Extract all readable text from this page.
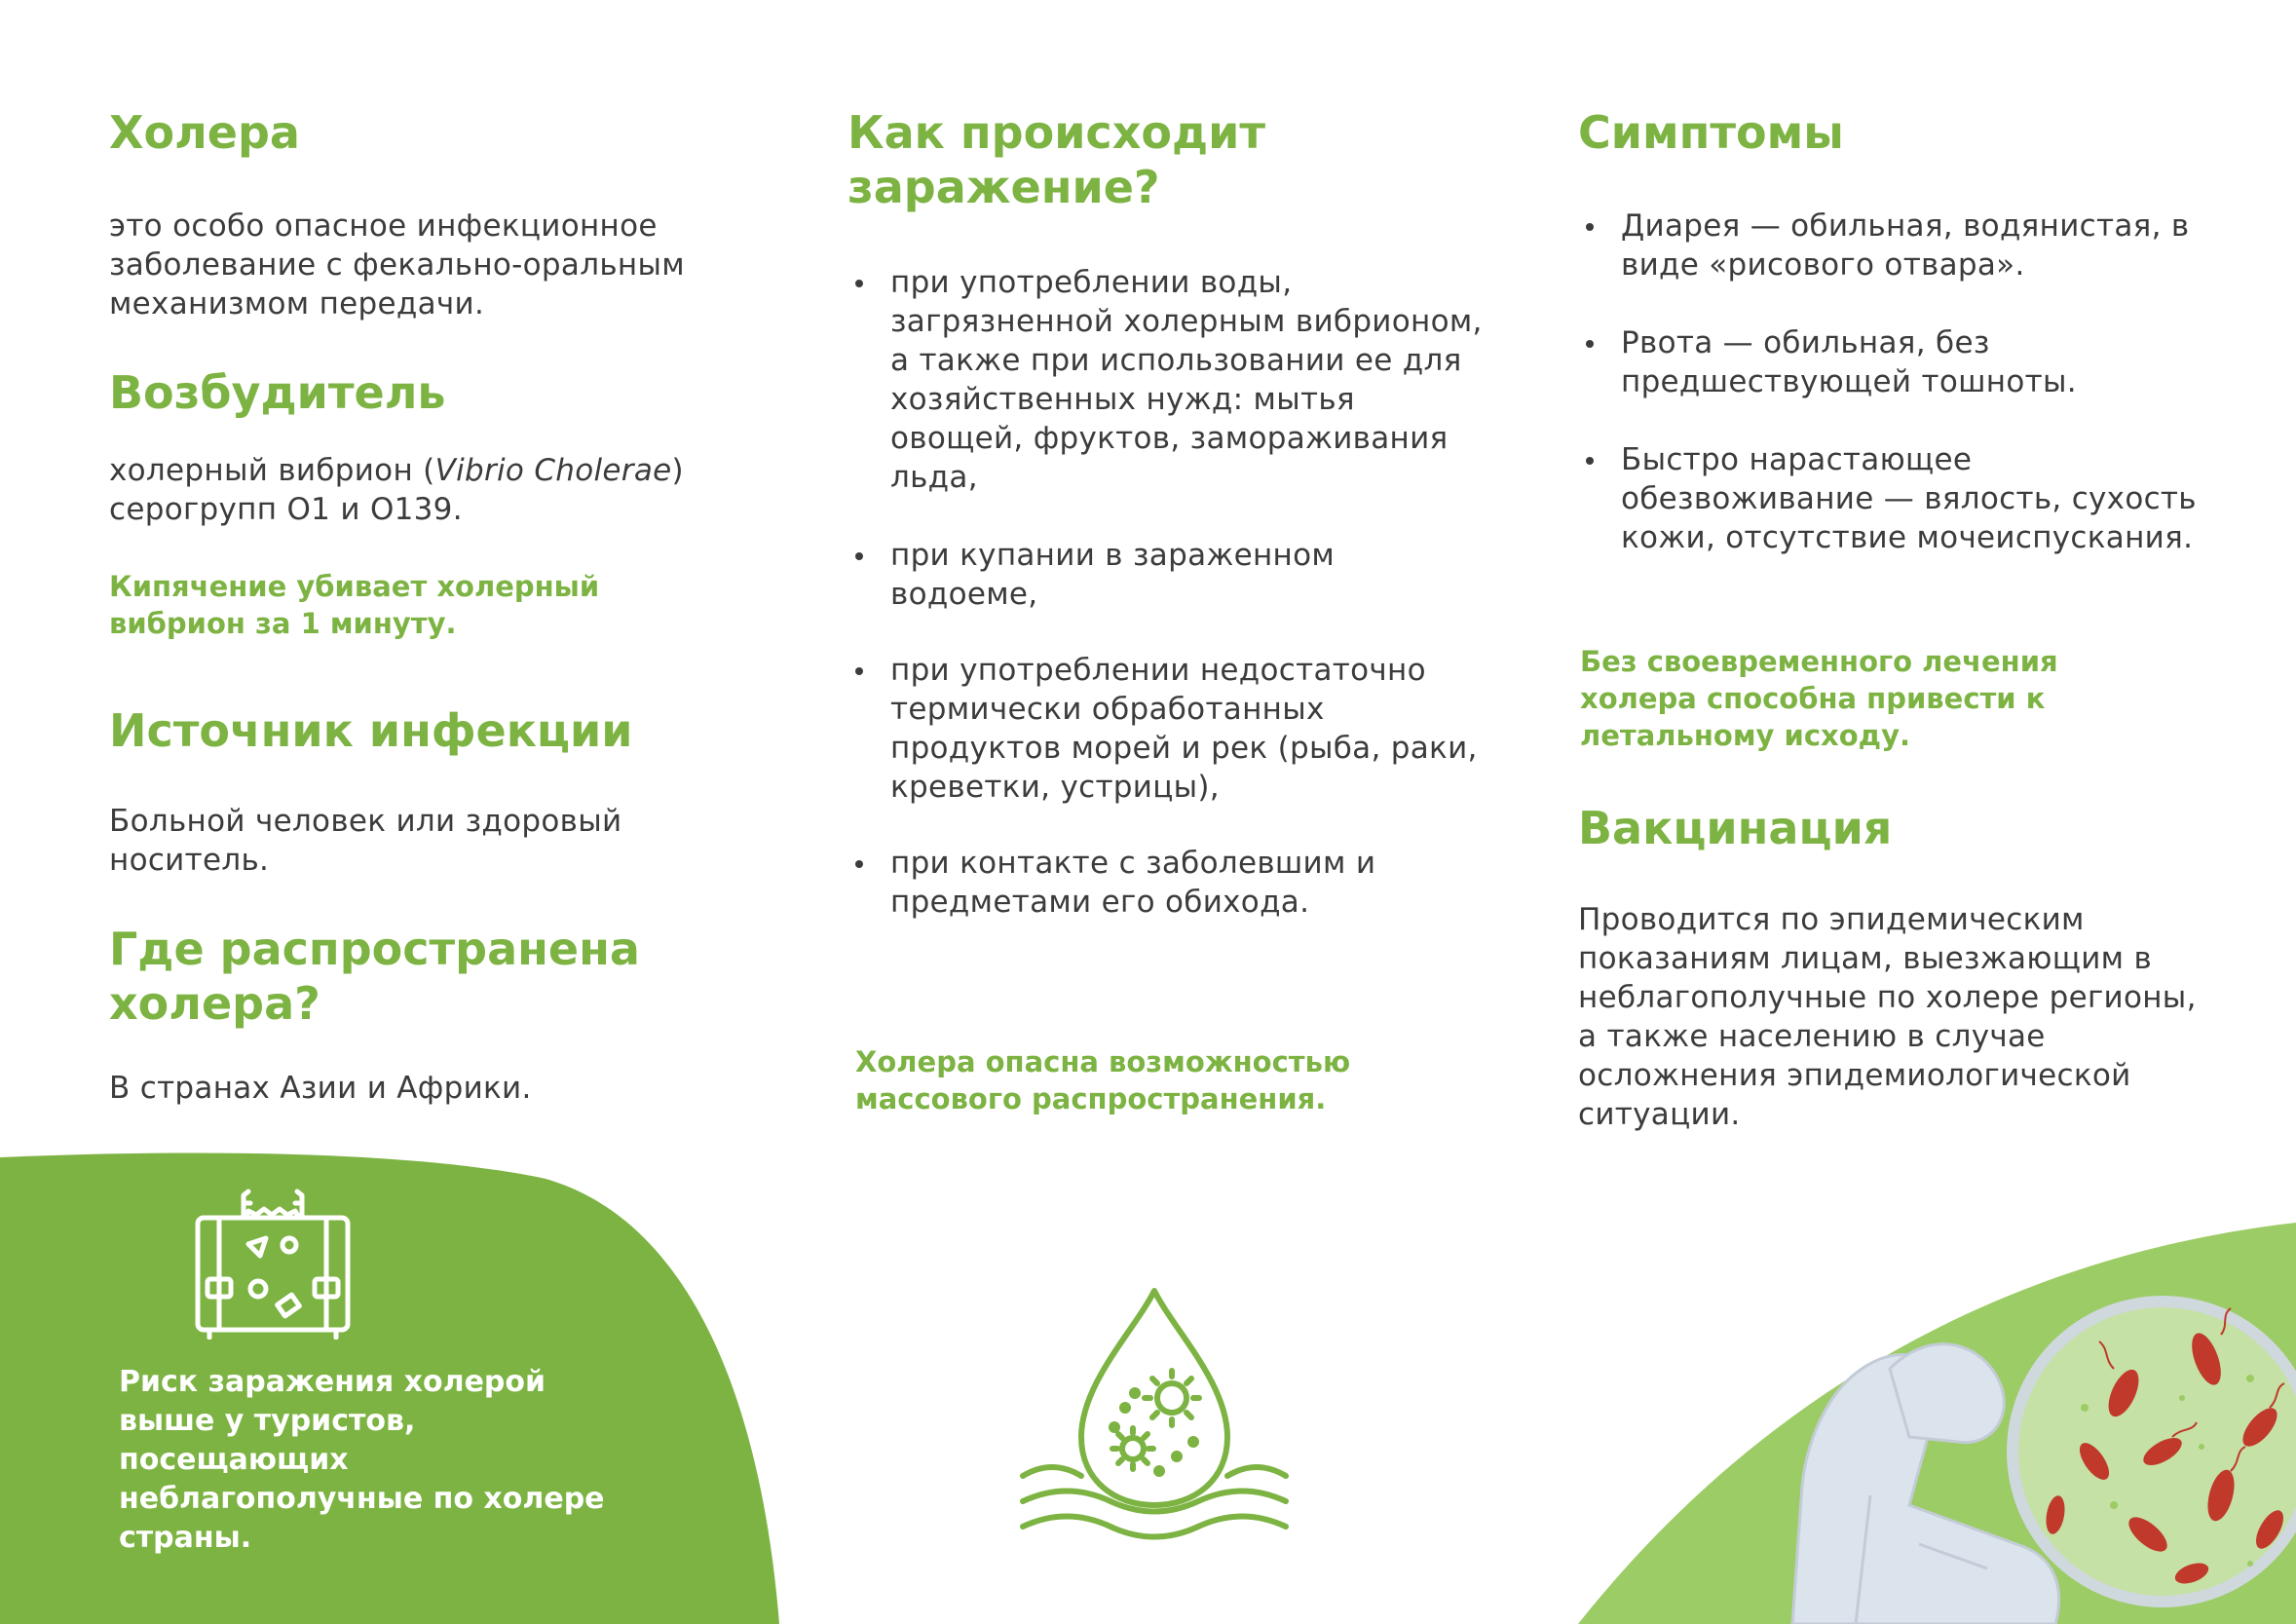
Холера

это особо опасное инфекционное заболевание с фекально-оральным механизмом передачи.

Возбудитель

холерный вибрион (Vibrio Cholerae) серогрупп О1 и О139.

Кипячение убивает холерный вибрион за 1 минуту.

Источник инфекции

Больной человек или здоровый носитель.

Где распространена холера?

В странах Азии и Африки.

Риск заражения холерой выше у туристов, посещающих неблагополучные по холере страны.

Как происходит заражение?
при употреблении воды, загрязненной холерным вибрионом, а также при использовании ее для хозяйственных нужд: мытья овощей, фруктов, замораживания льда,
при купании в зараженном водоеме,
при употреблении недостаточно термически обработанных продуктов морей и рек (рыба, раки, креветки, устрицы),
при контакте с заболевшим и предметами его обихода.

Холера опасна возможностью массового распространения.

Симптомы
Диарея — обильная, водянистая, в виде «рисового отвара».
Рвота — обильная, без предшествующей тошноты.
Быстро нарастающее обезвоживание — вялость, сухость кожи, отсутствие мочеиспускания.

Без своевременного лечения холера способна привести к летальному исходу.

Вакцинация

Проводится по эпидемическим показаниям лицам, выезжающим в неблагополучные по холере регионы, а также населению в случае осложнения эпидемиологической ситуации.
